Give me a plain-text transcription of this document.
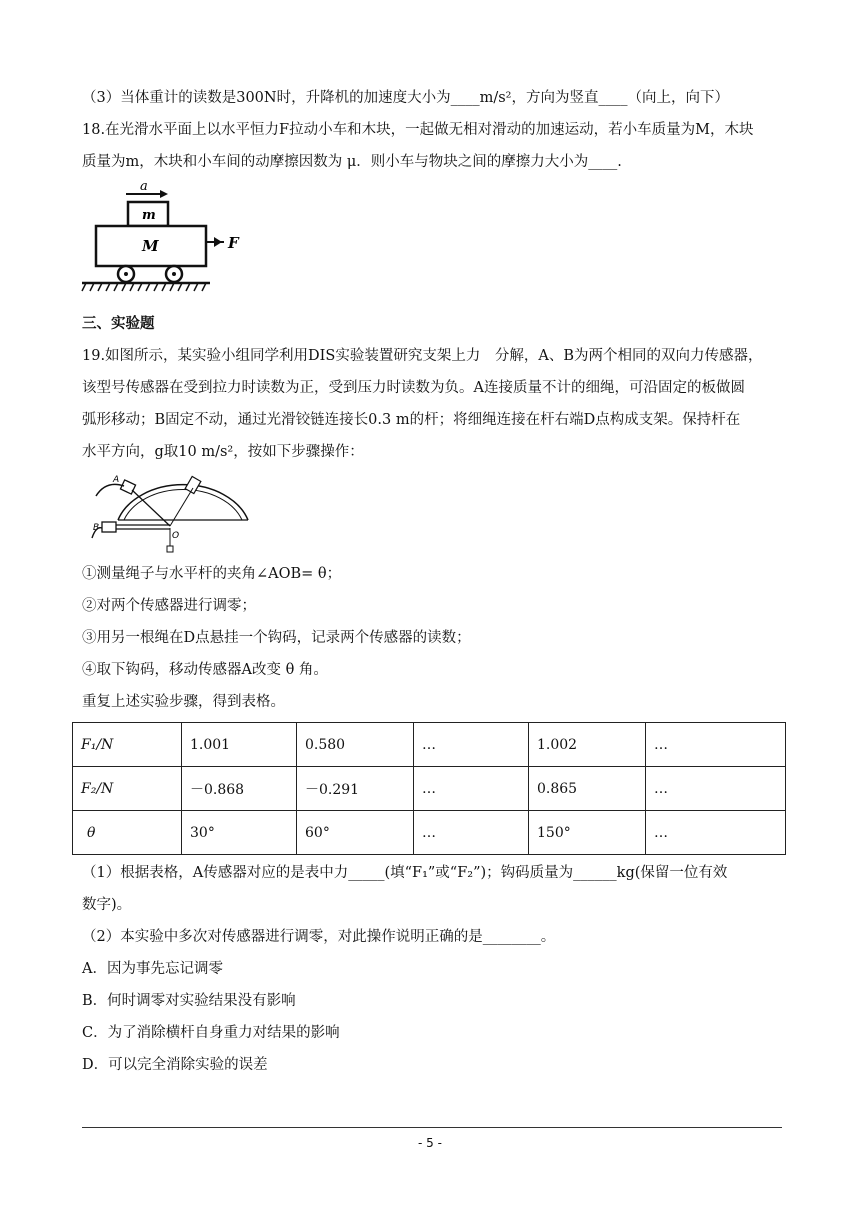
（3）当体重计的读数是300N时，升降机的加速度大小为____m/s²，方向为竖直____（向上，向下）

18.在光滑水平面上以水平恒力F拉动小车和木块，一起做无相对滑动的加速运动，若小车质量为M，木块

质量为m，木块和小车间的动摩擦因数为 μ．则小车与物块之间的摩擦力大小为____.

a
m
M	F

三、实验题

19.如图所示，某实验小组同学利用DIS实验装置研究支架上力　分解，A、B为两个相同的双向力传感器，

该型号传感器在受到拉力时读数为正，受到压力时读数为负。A连接质量不计的细绳，可沿固定的板做圆

弧形移动；B固定不动，通过光滑铰链连接长0.3 m的杆；将细绳连接在杆右端D点构成支架。保持杆在

水平方向，g取10 m/s²，按如下步骤操作：

A
B
O

①测量绳子与水平杆的夹角∠AOB= θ；

②对两个传感器进行调零；

③用另一根绳在D点悬挂一个钩码，记录两个传感器的读数；

④取下钩码，移动传感器A改变 θ 角。

重复上述实验步骤，得到表格。

F₁/N	1.001	0.580	…	1.002	…
F₂/N	－0.868	－0.291	…	0.865	…
θ	30°	60°	…	150°	…

（1）根据表格，A传感器对应的是表中力_____(填“F₁”或“F₂”)；钩码质量为______kg(保留一位有效

数字)。

（2）本实验中多次对传感器进行调零，对此操作说明正确的是________。

A．因为事先忘记调零

B．何时调零对实验结果没有影响

C．为了消除横杆自身重力对结果的影响

D．可以完全消除实验的误差

- 5 -
